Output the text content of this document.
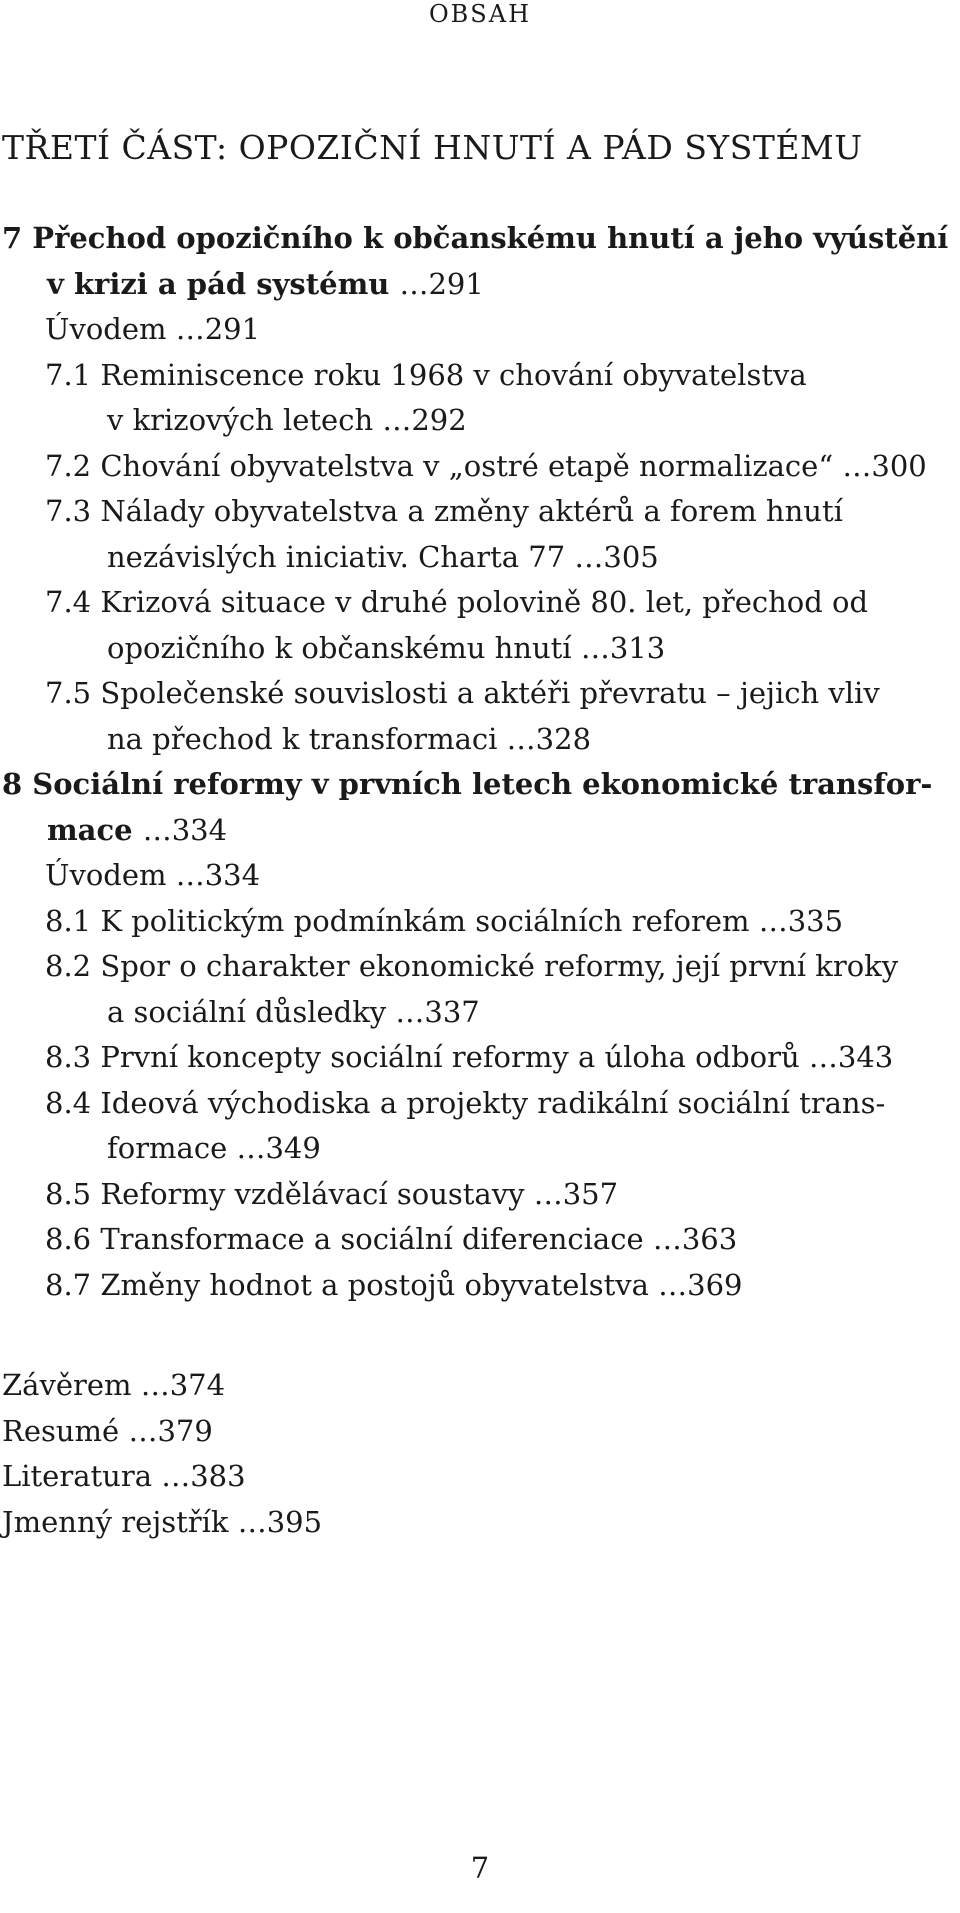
OBSAH
TŘETÍ ČÁST: OPOZIČNÍ HNUTÍ A PÁD SYSTÉMU
7 Přechod opozičního k občanskému hnutí a jeho vyústění
v krizi a pád systému …291
Úvodem …291
7.1 Reminiscence roku 1968 v chování obyvatelstva
v krizových letech …292
7.2 Chování obyvatelstva v „ostré etapě normalizace“ …300
7.3 Nálady obyvatelstva a změny aktérů a forem hnutí
nezávislých iniciativ. Charta 77 …305
7.4 Krizová situace v druhé polovině 80. let, přechod od
opozičního k občanskému hnutí …313
7.5 Společenské souvislosti a aktéři převratu – jejich vliv
na přechod k transformaci …328
8 Sociální reformy v prvních letech ekonomické transfor-
mace …334
Úvodem …334
8.1 K politickým podmínkám sociálních reforem …335
8.2 Spor o charakter ekonomické reformy, její první kroky
a sociální důsledky …337
8.3 První koncepty sociální reformy a úloha odborů …343
8.4 Ideová východiska a projekty radikální sociální trans-
formace …349
8.5 Reformy vzdělávací soustavy …357
8.6 Transformace a sociální diferenciace …363
8.7 Změny hodnot a postojů obyvatelstva …369
Závěrem …374
Resumé …379
Literatura …383
Jmenný rejstřík …395
7
